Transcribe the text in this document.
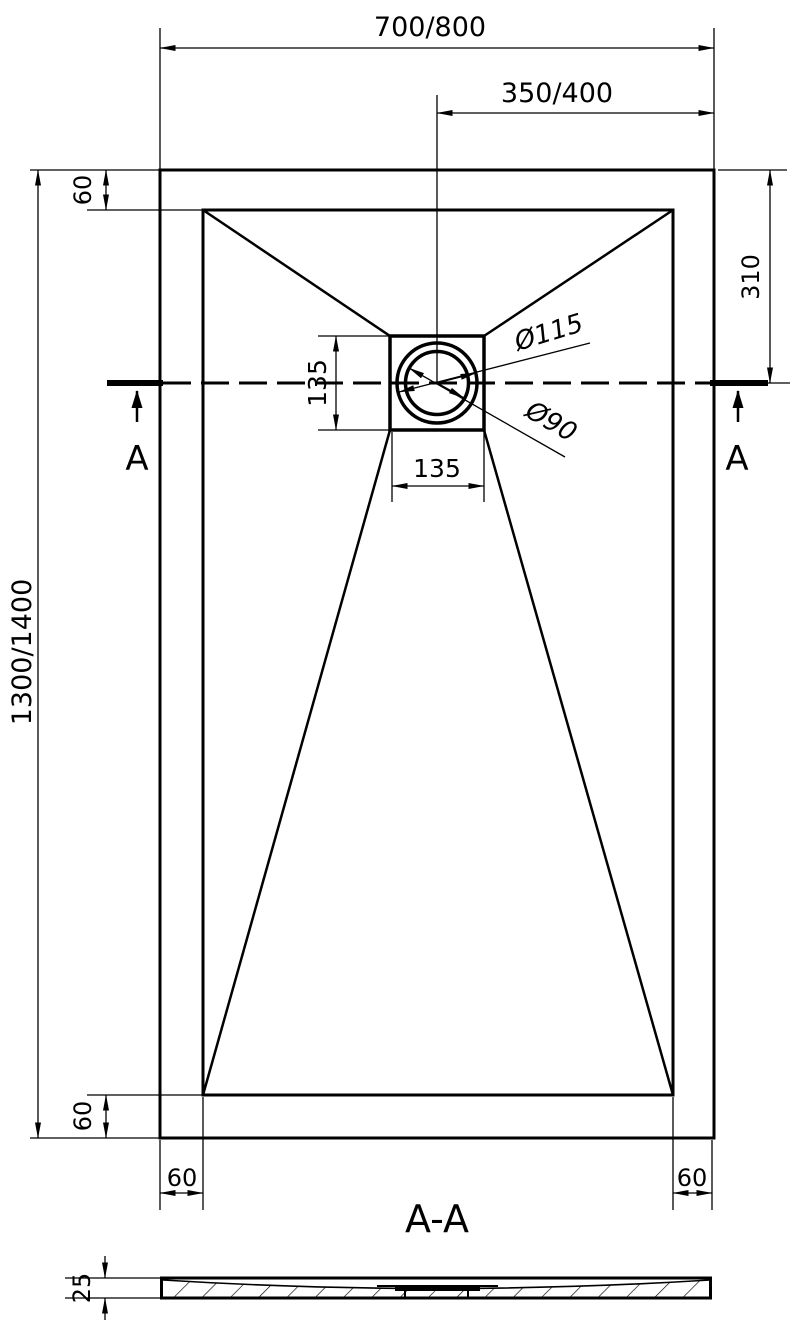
A	A
700/800
350/400
1300/1400
60
60
310
135
135
60	60
Ø115
Ø90
A-A
25
